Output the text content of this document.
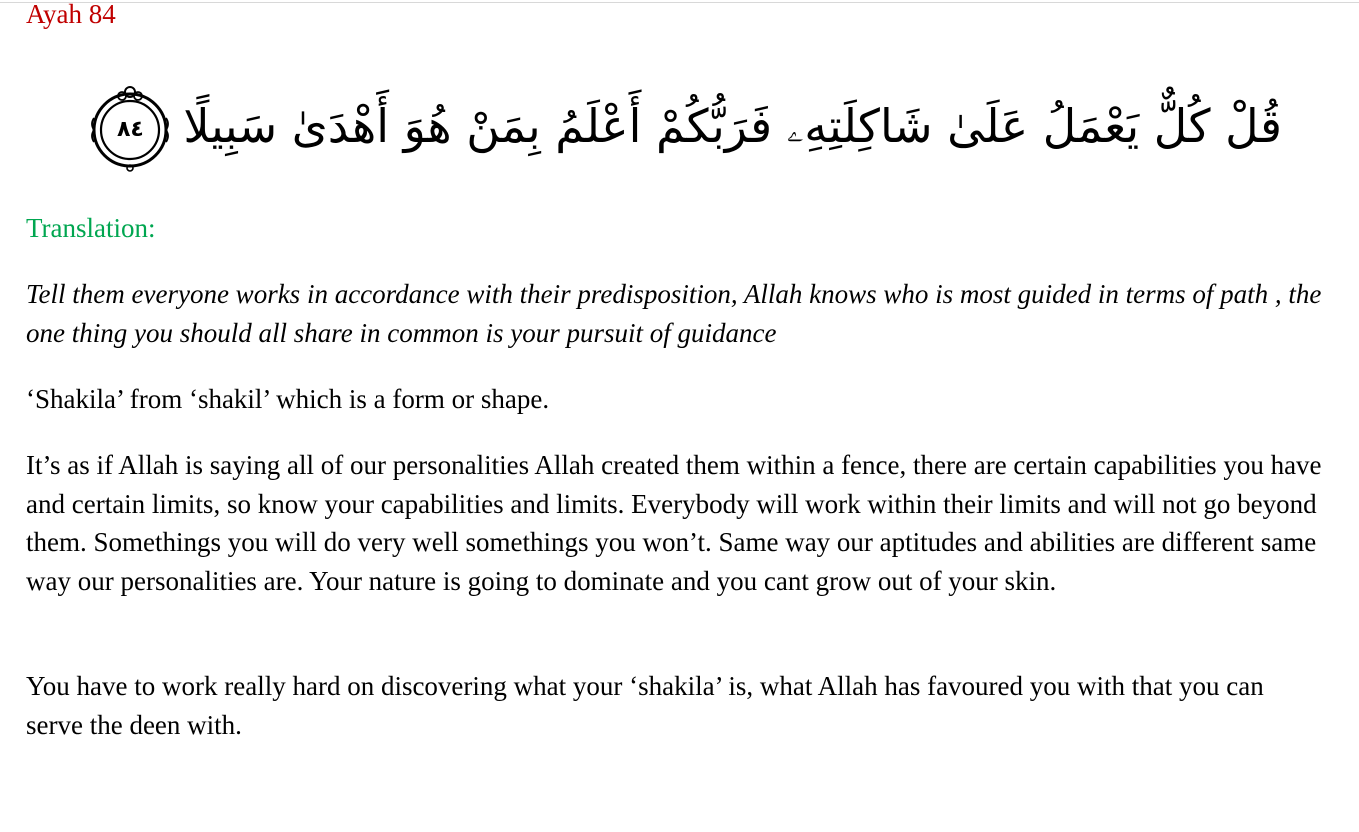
Ayah 84
قُلْ كُلٌّ يَعْمَلُ عَلَىٰ شَاكِلَتِهِۦ فَرَبُّكُمْ أَعْلَمُ بِمَنْ هُوَ أَهْدَىٰ سَبِيلًا
٨٤
Translation:

Tell them everyone works in accordance with their predisposition, Allah knows who is most guided in terms of path , the one thing you should all share in common is your pursuit of guidance

‘Shakila’ from ‘shakil’ which is a form or shape.

It’s as if Allah is saying all of our personalities Allah created them within a fence, there are certain capabilities you have and certain limits, so know your capabilities and limits. Everybody will work within their limits and will not go beyond them. Somethings you will do very well somethings you won’t. Same way our aptitudes and abilities are different same way our personalities are. Your nature is going to dominate and you cant grow out of your skin.

You have to work really hard on discovering what your ‘shakila’ is, what Allah has favoured you with that you can serve the deen with.
